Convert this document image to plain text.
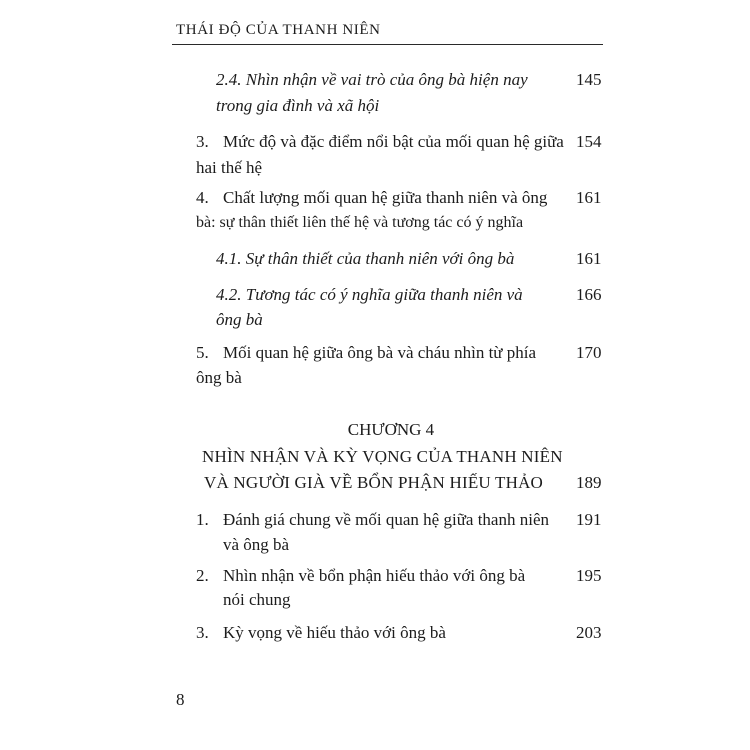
THÁI ĐỘ CỦA THANH NIÊN
2.4. Nhìn nhận về vai trò của ông bà hiện nay
trong gia đình và xã hội
145
3. Mức độ và đặc điểm nổi bật của mối quan hệ giữa
hai thế hệ
154
4. Chất lượng mối quan hệ giữa thanh niên và ông
bà: sự thân thiết liên thế hệ và tương tác có ý nghĩa
161
4.1. Sự thân thiết của thanh niên với ông bà	161
4.2. Tương tác có ý nghĩa giữa thanh niên và
ông bà
166
5. Mối quan hệ giữa ông bà và cháu nhìn từ phía
ông bà
170
CHƯƠNG 4
NHÌN NHẬN VÀ KỲ VỌNG CỦA THANH NIÊN
VÀ NGƯỜI GIÀ VỀ BỔN PHẬN HIẾU THẢO 189
1. Đánh giá chung về mối quan hệ giữa thanh niên
và ông bà
191
2. Nhìn nhận về bổn phận hiếu thảo với ông bà
nói chung
195
3. Kỳ vọng về hiếu thảo với ông bà	203
8
